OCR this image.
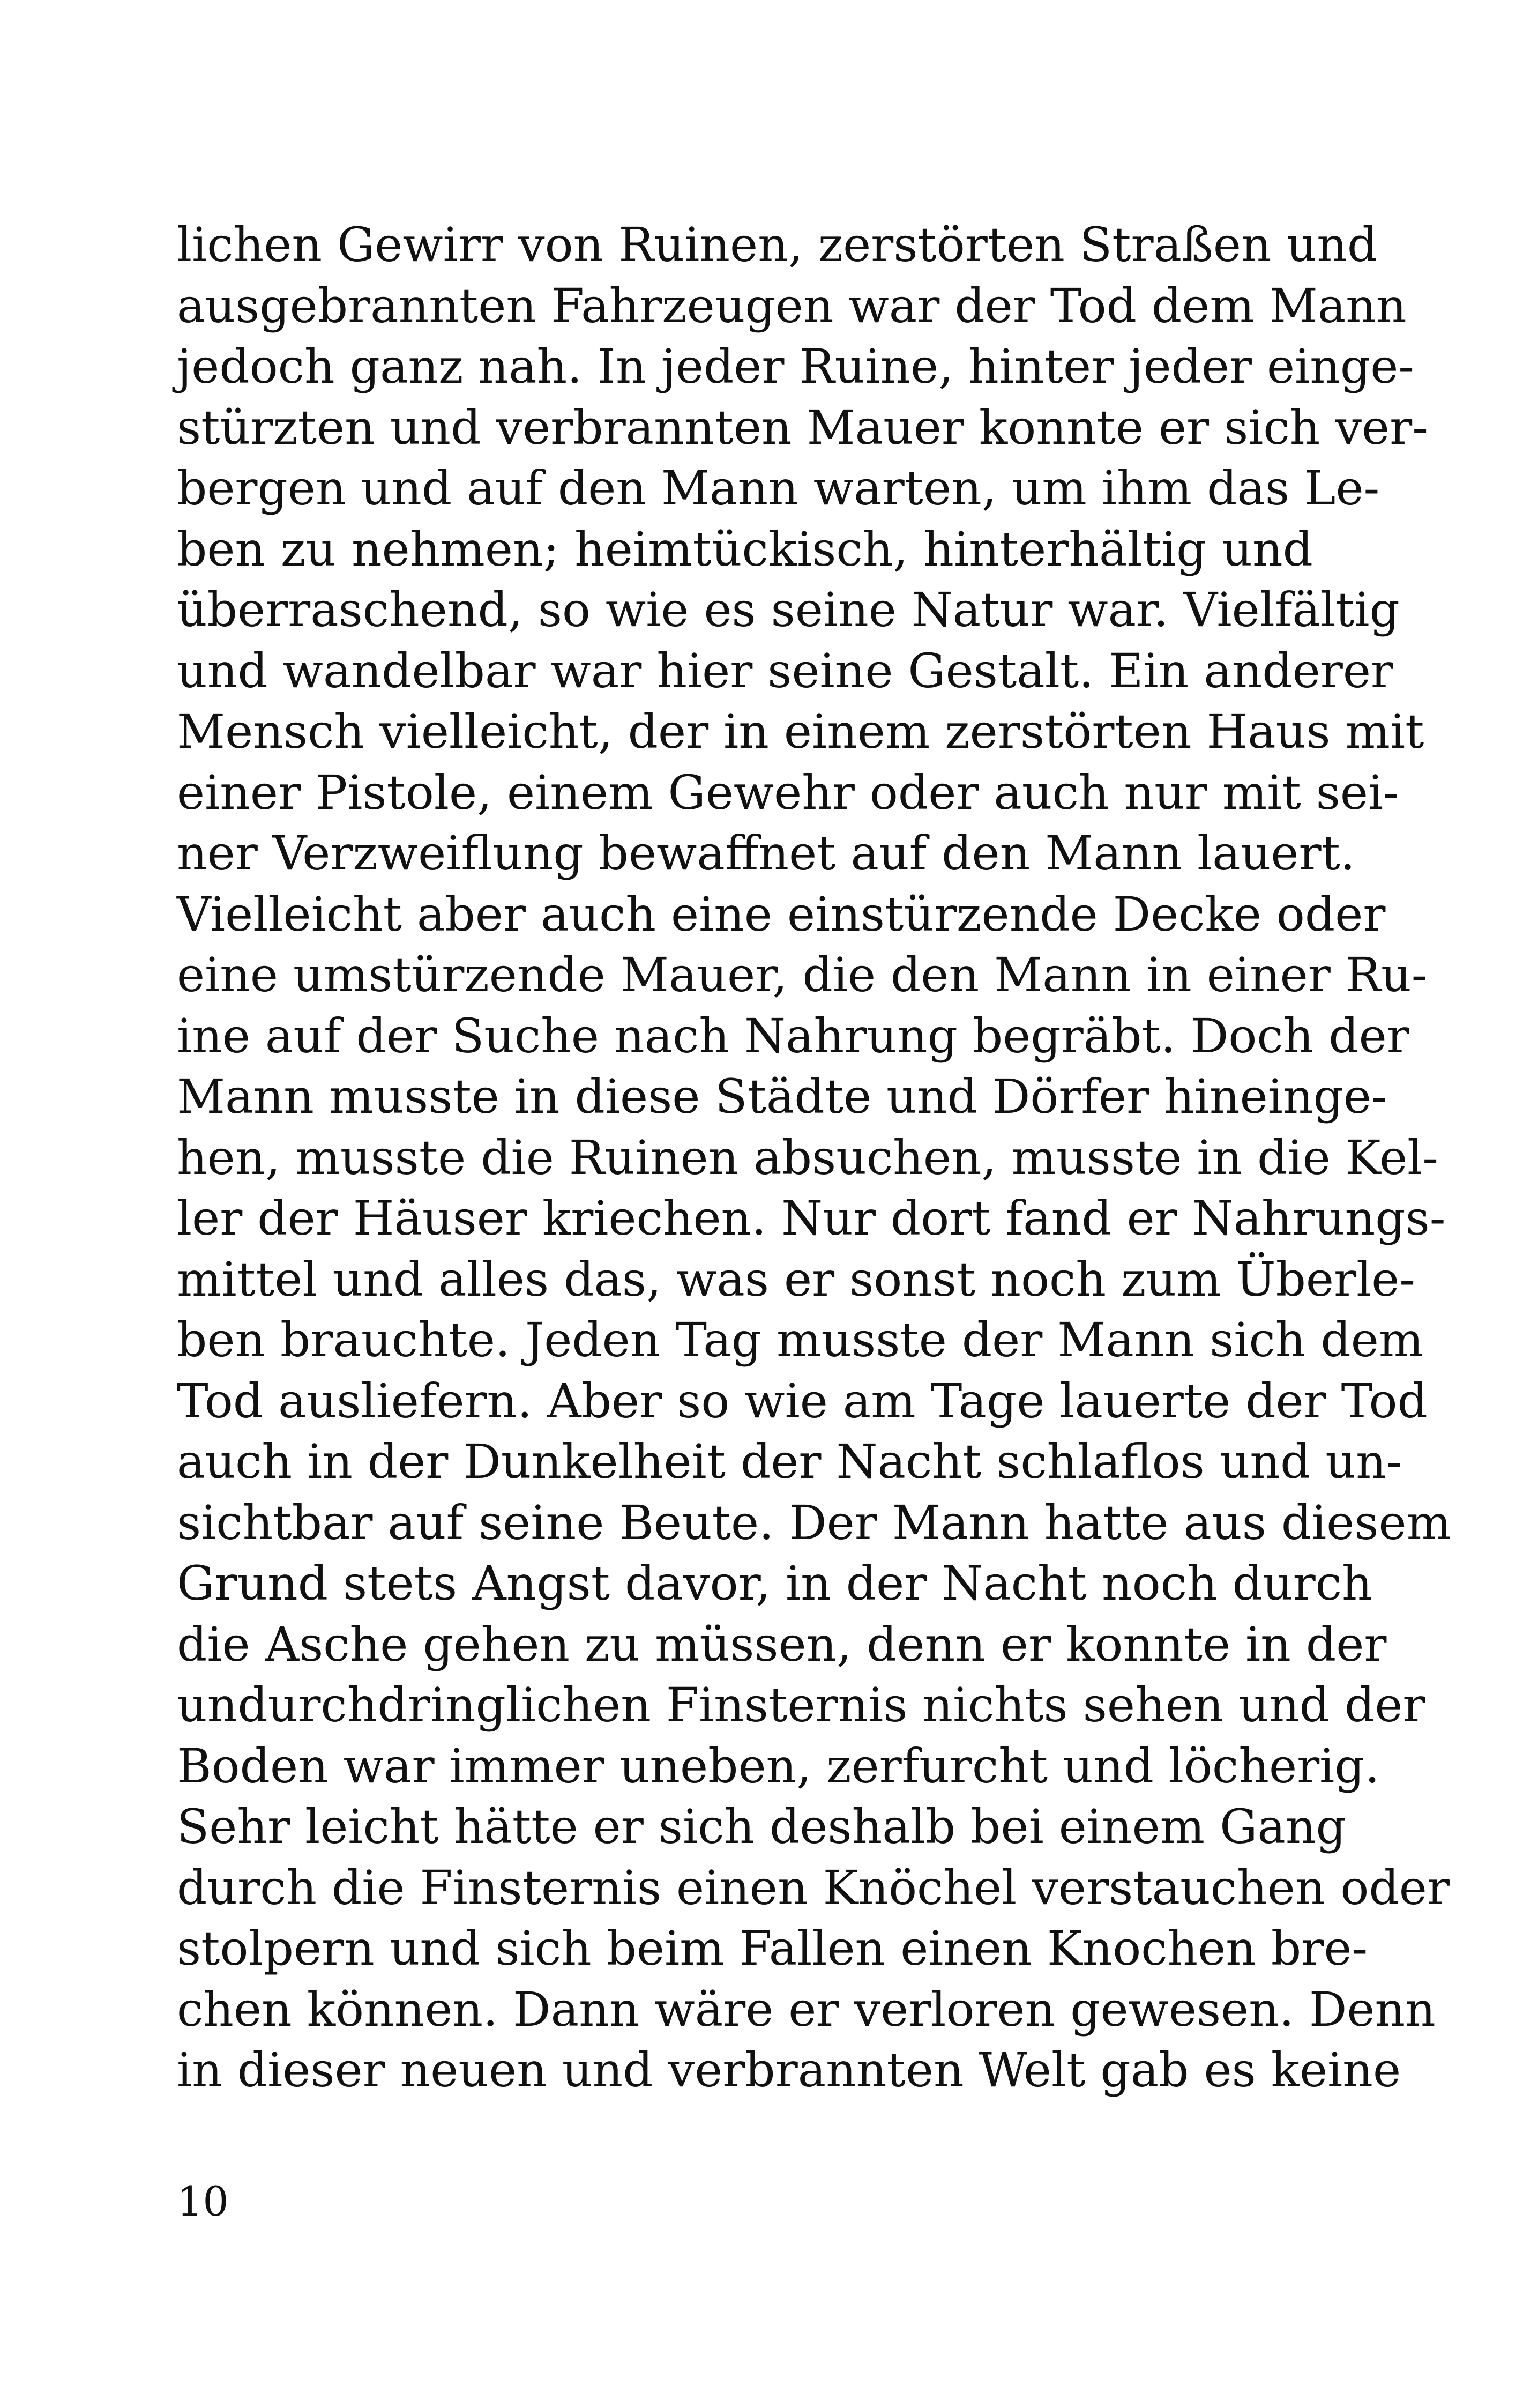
lichen Gewirr von Ruinen, zerstörten Straßen und
ausgebrannten Fahrzeugen war der Tod dem Mann
jedoch ganz nah. In jeder Ruine, hinter jeder einge-
stürzten und verbrannten Mauer konnte er sich ver-
bergen und auf den Mann warten, um ihm das Le-
ben zu nehmen; heimtückisch, hinterhältig und
überraschend, so wie es seine Natur war. Vielfältig
und wandelbar war hier seine Gestalt. Ein anderer
Mensch vielleicht, der in einem zerstörten Haus mit
einer Pistole, einem Gewehr oder auch nur mit sei-
ner Verzweiflung bewaffnet auf den Mann lauert.
Vielleicht aber auch eine einstürzende Decke oder
eine umstürzende Mauer, die den Mann in einer Ru-
ine auf der Suche nach Nahrung begräbt. Doch der
Mann musste in diese Städte und Dörfer hineinge-
hen, musste die Ruinen absuchen, musste in die Kel-
ler der Häuser kriechen. Nur dort fand er Nahrungs-
mittel und alles das, was er sonst noch zum Überle-
ben brauchte. Jeden Tag musste der Mann sich dem
Tod ausliefern. Aber so wie am Tage lauerte der Tod
auch in der Dunkelheit der Nacht schlaflos und un-
sichtbar auf seine Beute. Der Mann hatte aus diesem
Grund stets Angst davor, in der Nacht noch durch
die Asche gehen zu müssen, denn er konnte in der
undurchdringlichen Finsternis nichts sehen und der
Boden war immer uneben, zerfurcht und löcherig.
Sehr leicht hätte er sich deshalb bei einem Gang
durch die Finsternis einen Knöchel verstauchen oder
stolpern und sich beim Fallen einen Knochen bre-
chen können. Dann wäre er verloren gewesen. Denn
in dieser neuen und verbrannten Welt gab es keine
10
